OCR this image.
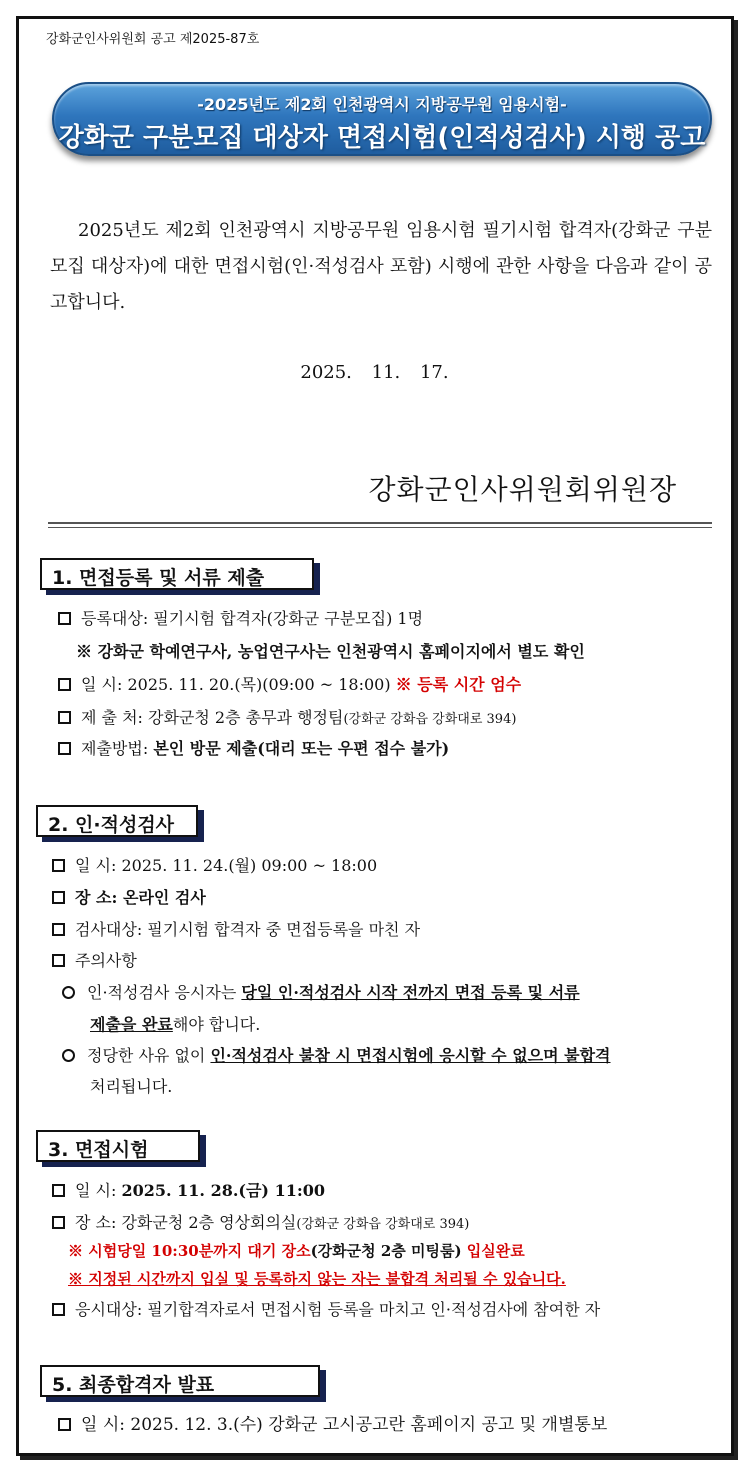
강화군인사위원회 공고 제2025-87호
-2025년도 제2회 인천광역시 지방공무원 임용시험-
강화군 구분모집 대상자 면접시험(인적성검사) 시행 공고
2025년도 제2회 인천광역시 지방공무원 임용시험 필기시험 합격자(강화군 구분모집 대상자)에 대한 면접시험(인·적성검사 포함) 시행에 관한 사항을 다음과 같이 공고합니다.
2025. 11. 17.
강화군인사위원회위원장
1. 면접등록 및 서류 제출
등록대상: 필기시험 합격자(강화군 구분모집) 1명
※ 강화군 학예연구사, 농업연구사는 인천광역시 홈페이지에서 별도 확인
일 시: 2025. 11. 20.(목)(09:00 ~ 18:00) ※ 등록 시간 엄수
제 출 처: 강화군청 2층 총무과 행정팀(강화군 강화읍 강화대로 394)
제출방법: 본인 방문 제출(대리 또는 우편 접수 불가)
2. 인·적성검사
일 시: 2025. 11. 24.(월) 09:00 ~ 18:00
장 소: 온라인 검사
검사대상: 필기시험 합격자 중 면접등록을 마친 자
주의사항
인·적성검사 응시자는 당일 인·적성검사 시작 전까지 면접 등록 및 서류
제출을 완료해야 합니다.
정당한 사유 없이 인·적성검사 불참 시 면접시험에 응시할 수 없으며 불합격
처리됩니다.
3. 면접시험
일 시: 2025. 11. 28.(금) 11:00
장 소: 강화군청 2층 영상회의실(강화군 강화읍 강화대로 394)
※ 시험당일 10:30분까지 대기 장소(강화군청 2층 미팅룸) 입실완료
※ 지정된 시간까지 입실 및 등록하지 않는 자는 불합격 처리될 수 있습니다.
응시대상: 필기합격자로서 면접시험 등록을 마치고 인·적성검사에 참여한 자
5. 최종합격자 발표
일 시: 2025. 12. 3.(수) 강화군 고시공고란 홈페이지 공고 및 개별통보
